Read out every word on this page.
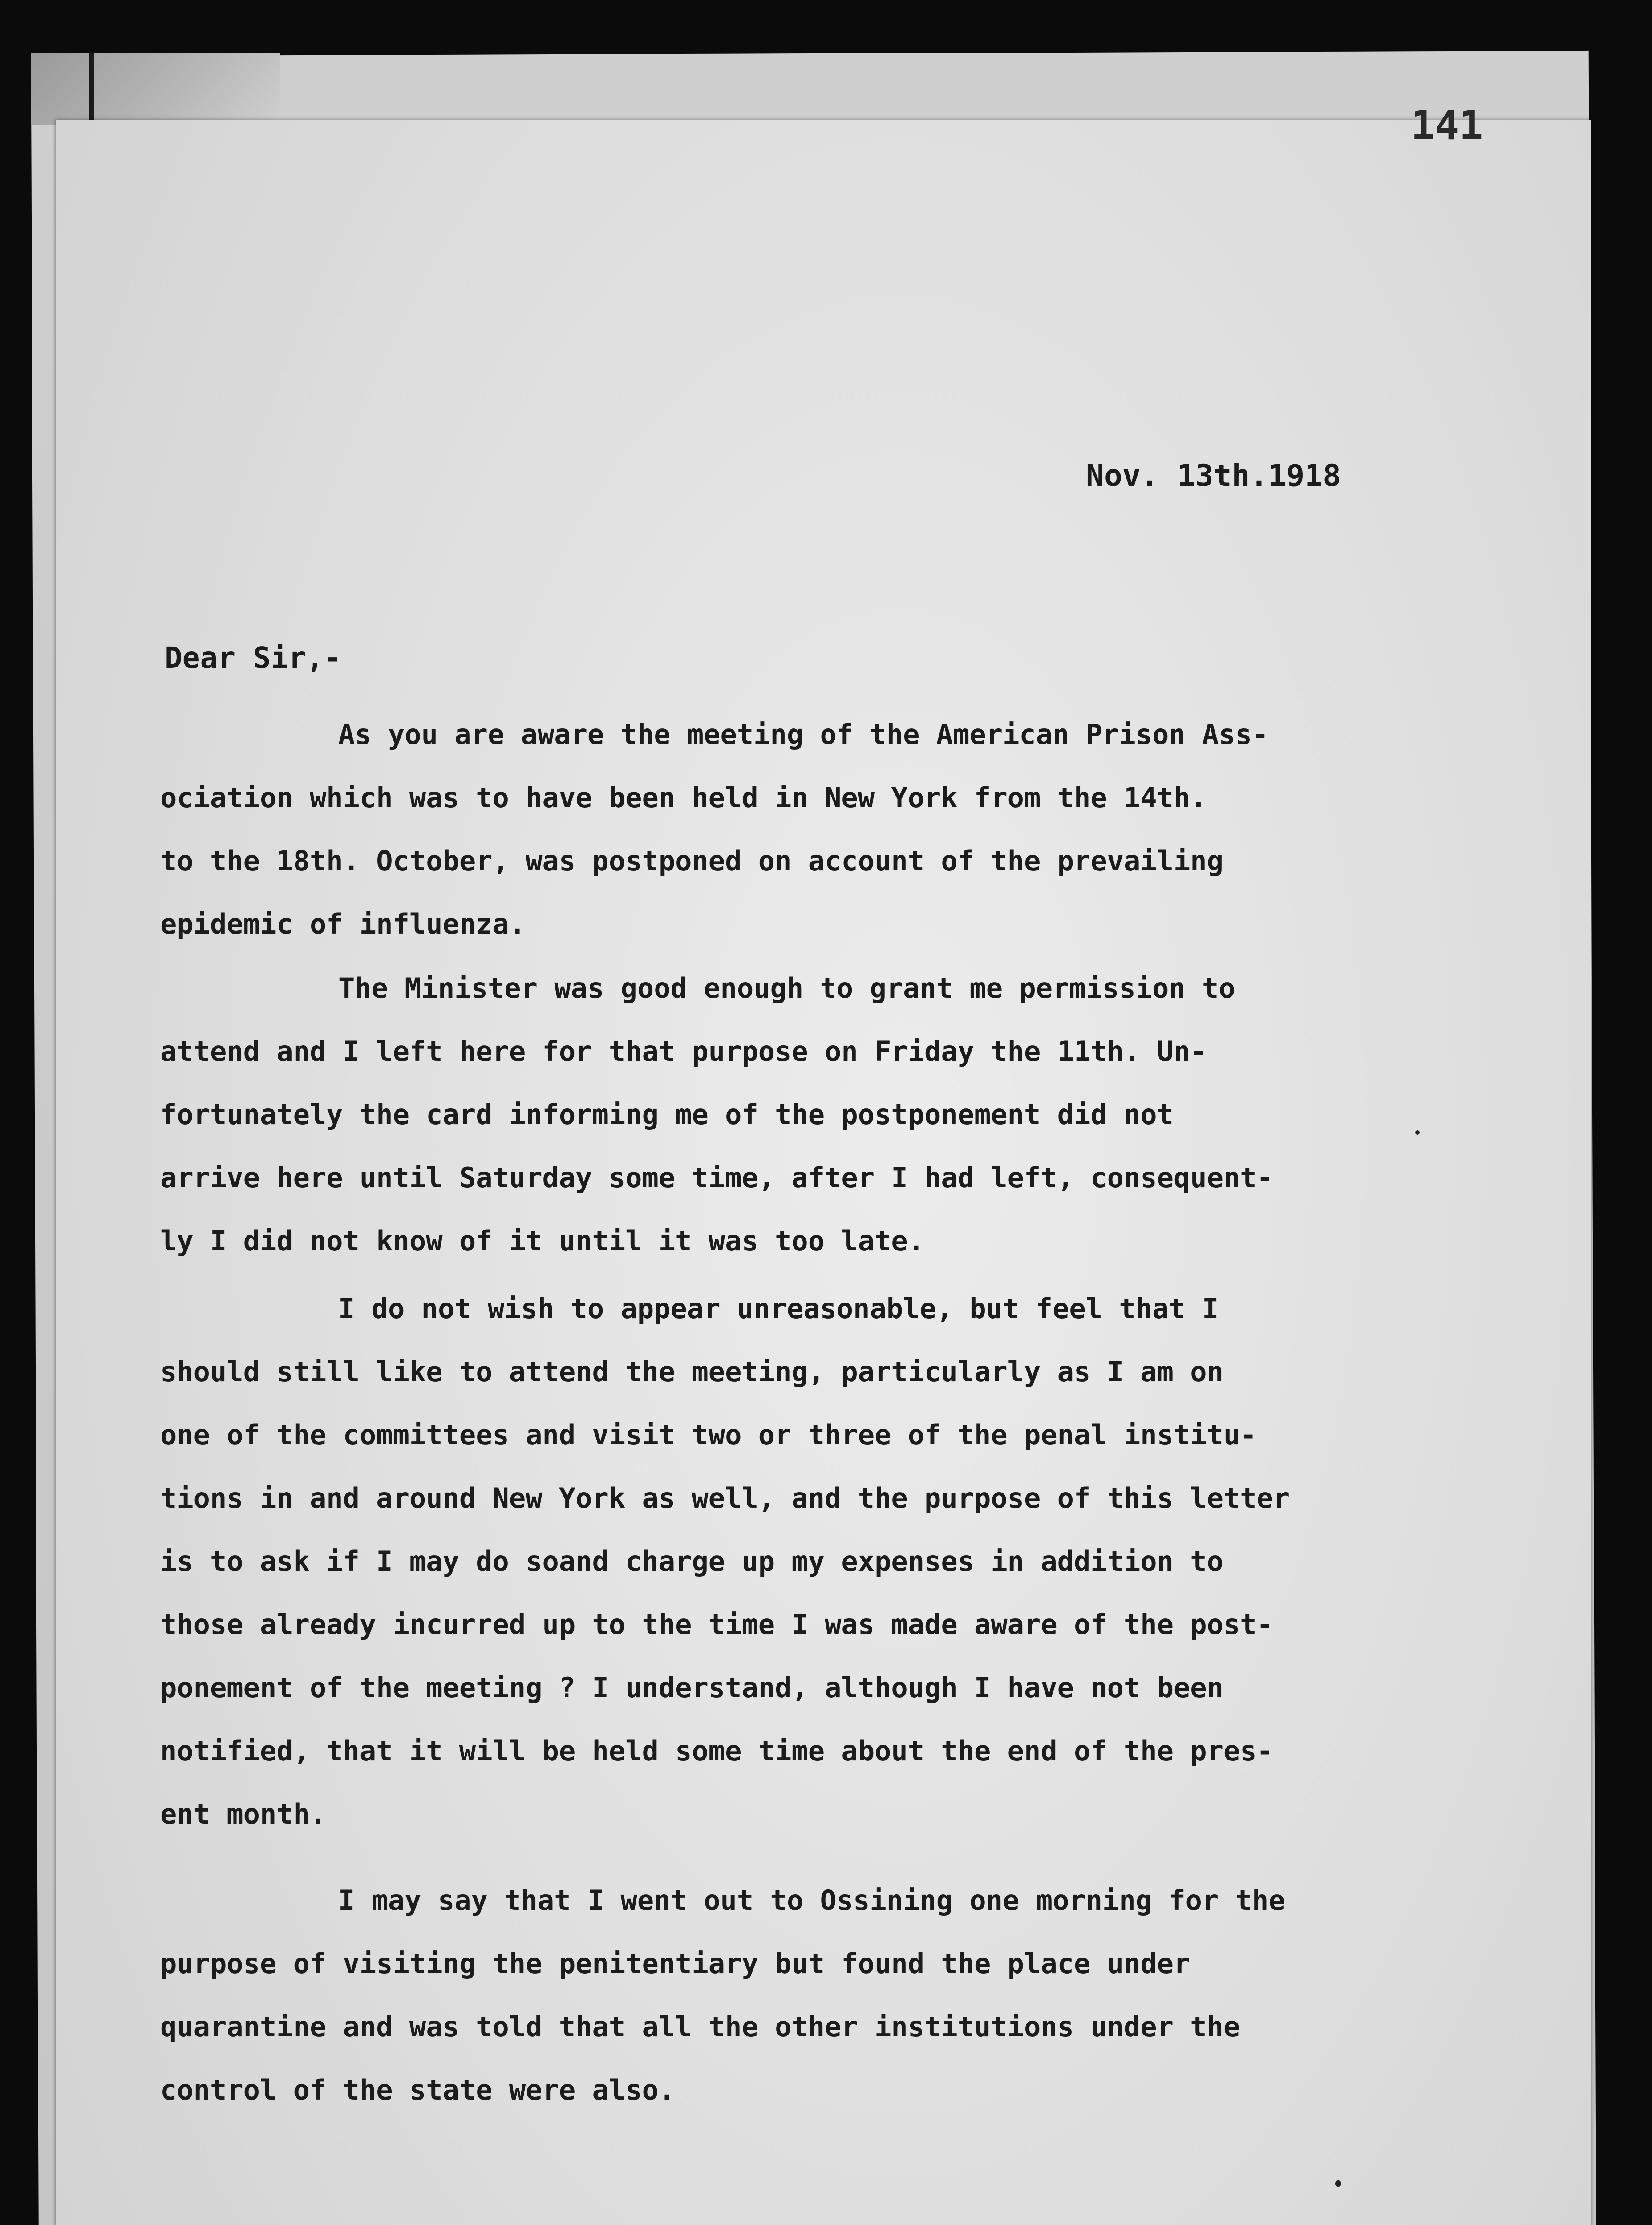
141
Nov. 13th.1918
Dear Sir,-
As you are aware the meeting of the American Prison Ass-
ociation which was to have been held in New York from the 14th.
to the 18th. October, was postponed on account of the prevailing
epidemic of influenza.
The Minister was good enough to grant me permission to
attend and I left here for that purpose on Friday the 11th. Un-
fortunately the card informing me of the postponement did not
arrive here until Saturday some time, after I had left, consequent-
ly I did not know of it until it was too late.
I do not wish to appear unreasonable, but feel that I
should still like to attend the meeting, particularly as I am on
one of the committees and visit two or three of the penal institu-
tions in and around New York as well, and the purpose of this letter
is to ask if I may do soand charge up my expenses in addition to
those already incurred up to the time I was made aware of the post-
ponement of the meeting ? I understand, although I have not been
notified, that it will be held some time about the end of the pres-
ent month.
I may say that I went out to Ossining one morning for the
purpose of visiting the penitentiary but found the place under
quarantine and was told that all the other institutions under the
control of the state were also.
